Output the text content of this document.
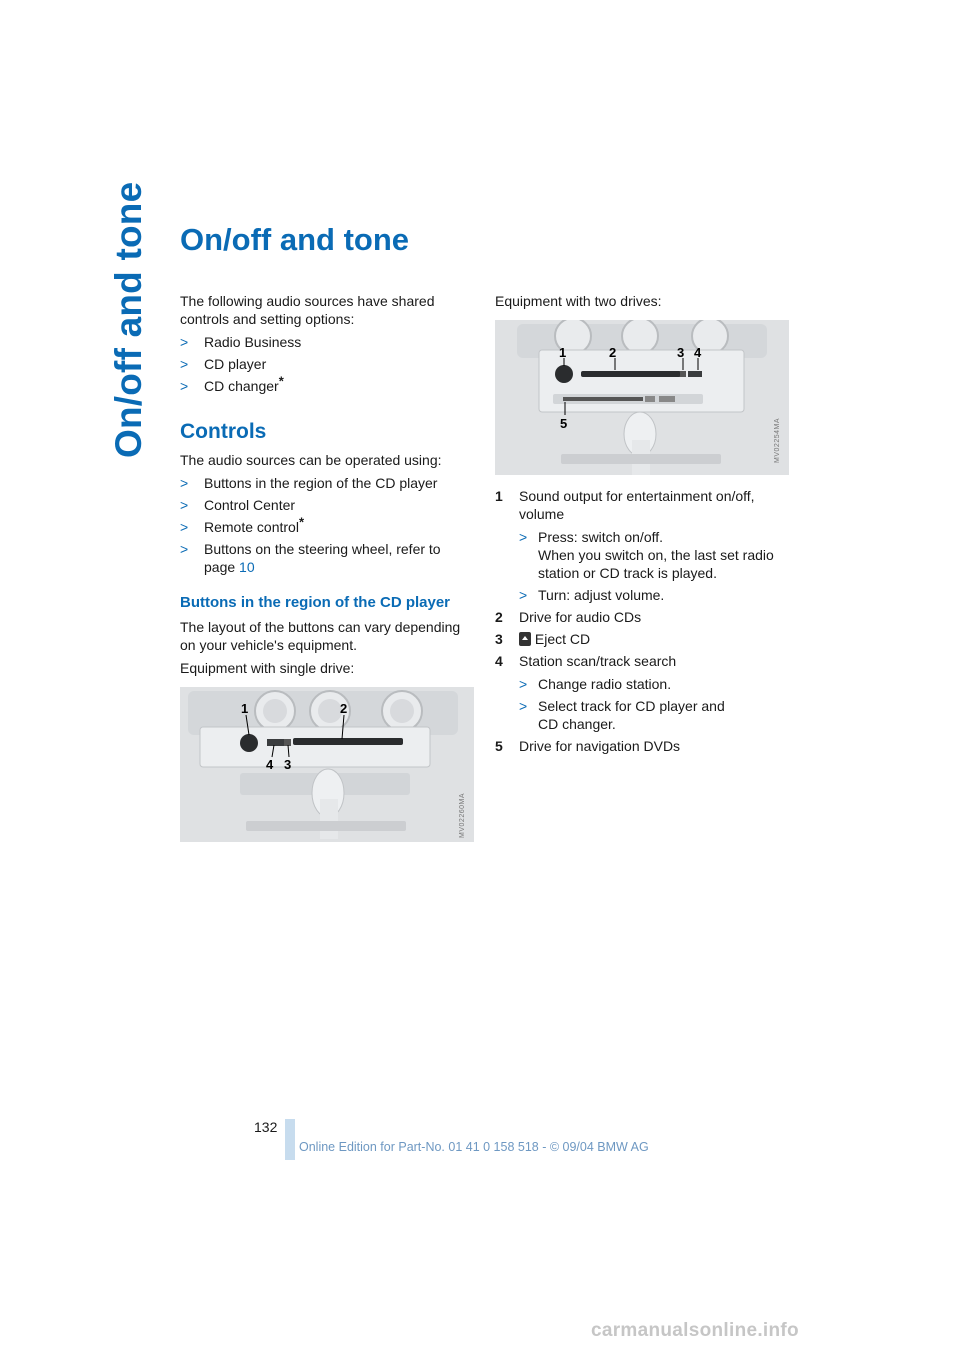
On/off and tone On/off and tone

The following audio sources have shared controls and setting options:

> Radio Business
> CD player
> CD changer*
Controls

The audio sources can be operated using:

> Buttons in the region of the CD player
> Control Center
> Remote control*
> Buttons on the steering wheel, refer to page 10
Buttons in the region of the CD player

The layout of the buttons can vary depending on your vehicle's equipment.

Equipment with single drive:

1	2
4 3
MV02260MA

Equipment with two drives:

1	2	3 4
5	MV02254MA
1 Sound output for entertainment on/off, volume
> Press: switch on/off.
When you switch on, the last set radio station or CD track is played.
> Turn: adjust volume.
2 Drive for audio CDs
3 Eject CD
4 Station scan/track search
> Change radio station.
> Select track for CD player and
CD changer.
5 Drive for navigation DVDs
132
Online Edition for Part-No. 01 41 0 158 518 - © 09/04 BMW AG
carmanualsonline.info
